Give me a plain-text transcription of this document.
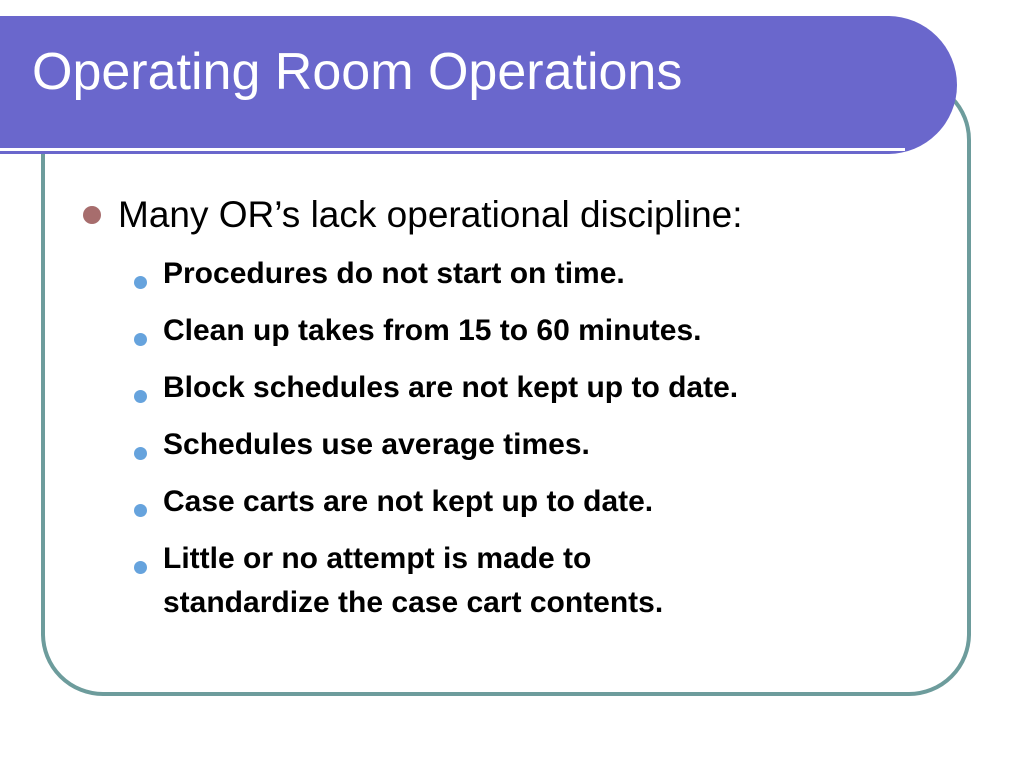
Operating Room Operations
Many OR’s lack operational discipline:
Procedures do not start on time.
Clean up takes from 15 to 60 minutes.
Block schedules are not kept up to date.
Schedules use average times.
Case carts are not kept up to date.
Little or no attempt is made to
standardize the case cart contents.
